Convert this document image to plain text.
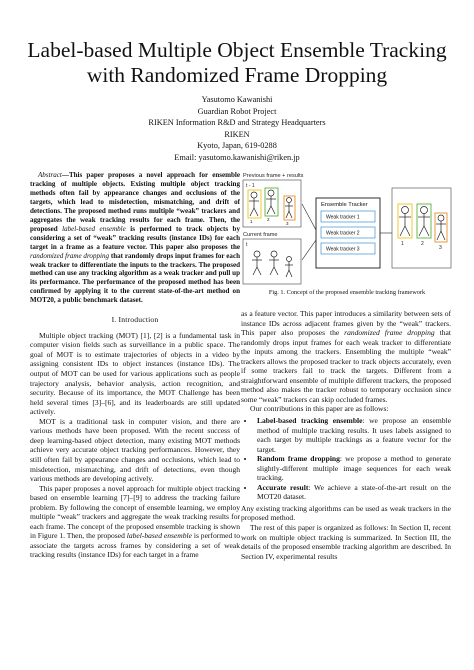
Label-based Multiple Object Ensemble Tracking
with Randomized Frame Dropping
Yasutomo Kawanishi
Guardian Robot Project
RIKEN Information R&D and Strategy Headquarters
RIKEN
Kyoto, Japan, 619-0288
Email: yasutomo.kawanishi@riken.jp

Abstract—This paper proposes a novel approach for ensemble tracking of multiple objects. Existing multiple object tracking methods often fail by appearance changes and occlusions of the targets, which lead to misdetection, mismatching, and drift of detections. The proposed method runs multiple “weak” trackers and aggregates the weak tracking results for each frame. Then, the proposed label-based ensemble is performed to track objects by considering a set of “weak” tracking results (instance IDs) for each target in a frame as a feature vector. This paper also proposes the randomized frame dropping that randomly drops input frames for each weak tracker to differentiate the inputs to the trackers. The proposed method can use any tracking algorithm as a weak tracker and pull up its performance. The performance of the proposed method has been confirmed by applying it to the current state-of-the-art method on MOT20, a public benchmark dataset.

I. Introduction

Multiple object tracking (MOT) [1], [2] is a fundamental task in computer vision fields such as surveillance in a public space. The goal of MOT is to estimate trajectories of objects in a video by assigning consistent IDs to object instances (instance IDs). The output of MOT can be used for various applications such as people trajectory analysis, behavior analysis, action recognition, and security. Because of its importance, the MOT Challenge has been held several times [3]–[6], and its leaderboards are still updated actively.

MOT is a traditional task in computer vision, and there are various methods have been proposed. With the recent success of deep learning-based object detection, many existing MOT methods achieve very accurate object tracking performances. However, they still often fail by appearance changes and occlusions, which lead to misdetection, mismatching, and drift of detections, even though various methods are developing actively.

This paper proposes a novel approach for multiple object tracking based on ensemble learning [7]–[9] to address the tracking failure problem. By following the concept of ensemble learning, we employ multiple “weak” trackers and aggregate the weak tracking results for each frame. The concept of the proposed ensemble tracking is shown in Figure 1. Then, the proposed label-based ensemble is performed to associate the targets across frames by considering a set of weak tracking results (instance IDs) for each target in a frame

Previous frame + results
t - 1
1	2
3
Current frame
t
Ensemble Tracker
Weak tracker 1
Weak tracker 2
Weak tracker 3
1	2
3
Fig. 1. Concept of the proposed ensemble tracking framework

as a feature vector. This paper introduces a similarity between sets of instance IDs across adjacent frames given by the “weak” trackers. This paper also proposes the randomized frame dropping that randomly drops input frames for each weak tracker to differentiate the inputs among the trackers. Ensembling the multiple “weak” trackers allows the proposed tracker to track objects accurately, even if some trackers fail to track the targets. Different from a straightforward ensemble of multiple different trackers, the proposed method also makes the tracker robust to temporary occlusion since some “weak” trackers can skip occluded frames.

Our contributions in this paper are as follows:

• Label-based tracking ensemble: we propose an ensemble method of multiple tracking results. It uses labels assigned to each target by multiple trackings as a feature vector for the target.
• Random frame dropping: we propose a method to generate slightly-different multiple image sequences for each weak tracking.
• Accurate result: We achieve a state-of-the-art result on the MOT20 dataset.

Any existing tracking algorithms can be used as weak trackers in the proposed method.

The rest of this paper is organized as follows: In Section II, recent work on multiple object tracking is summarized. In Section III, the details of the proposed ensemble tracking algorithm are described. In Section IV, experimental results
